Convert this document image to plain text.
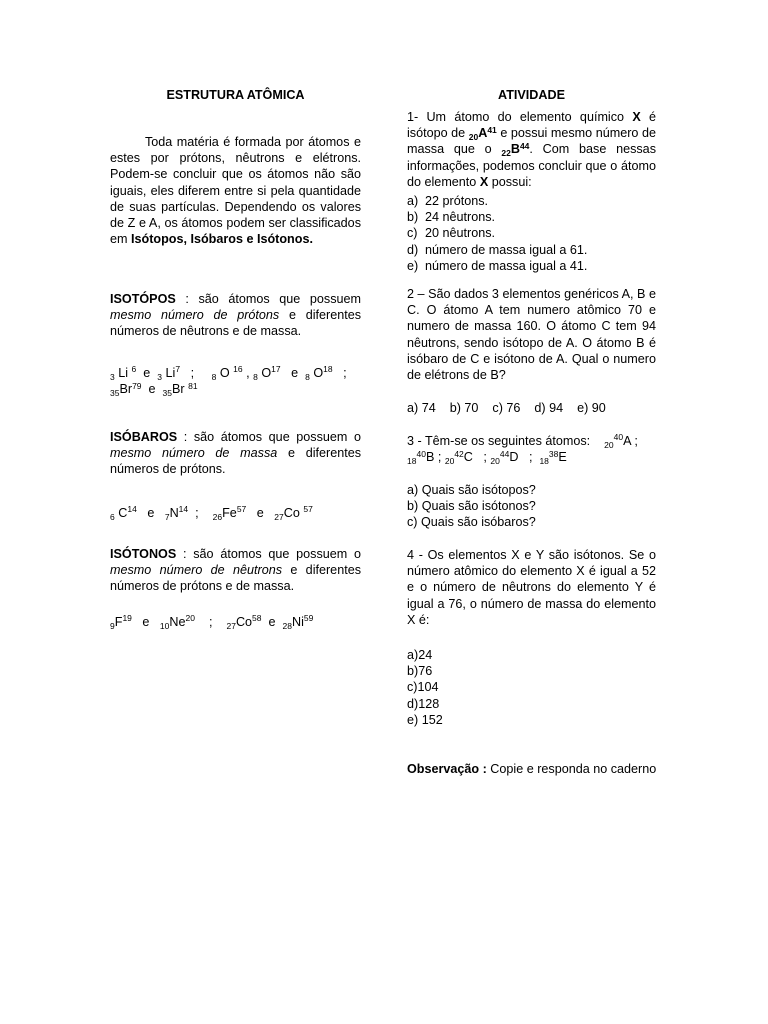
ESTRUTURA ATÔMICA
Toda matéria é formada por átomos e estes por prótons, nêutrons e elétrons. Podem-se concluir que os átomos não são iguais, eles diferem entre si pela quantidade de suas partículas. Dependendo os valores de Z e A, os átomos podem ser classificados em Isótopos, Isóbaros e Isótonos.
ISOTÓPOS : são átomos que possuem mesmo número de prótons e diferentes números de nêutrons e de massa.
$_3$ Li $^6$ e $_3$ Li$^7$ ; $_8$ O $^{16}$ , $_8$ $O^{17}$ e $_8$ $O^{18}$ ;
$_{35}Br^{79}$ e $_{35}$Br $^{81}$
ISÓBAROS : são átomos que possuem o mesmo número de massa e diferentes números de prótons.
$_6$ $C^{14}$ e $_7N^{14}$ ; $_{26}Fe^{57}$ e $_{27}$Co $^{57}$
ISÓTONOS : são átomos que possuem o mesmo número de nêutrons e diferentes números de prótons e de massa.
$_9F^{19}$ e $_{10}Ne^{20}$ ; $_{27}Co^{58}$ e $_{28}Ni^{59}$
ATIVIDADE
1- Um átomo do elemento químico X é isótopo de $_{20}A^{41}$ e possui mesmo número de massa que o $_{22}B^{44}$. Com base nessas informações, podemos concluir que o átomo do elemento X possui:
a) 22 prótons.
b) 24 nêutrons.
c) 20 nêutrons.
d) número de massa igual a 61.
e) número de massa igual a 41.
2 – São dados 3 elementos genéricos A, B e C. O átomo A tem numero atômico 70 e numero de massa 160. O átomo C tem 94 nêutrons, sendo isótopo de A. O átomo B é isóbaro de C e isótono de A. Qual o numero de elétrons de B?
a) 74    b) 70    c) 76    d) 94    e) 90
3 - Têm-se os seguintes átomos: $_{20}^{40}$A ;
$_{18}^{40}$B ; $_{20}^{42}$C ; $_{20}^{44}$D ; $_{18}^{38}$E
a) Quais são isótopos?
b) Quais são isótonos?
c) Quais são isóbaros?
4 - Os elementos X e Y são isótonos. Se o número atômico do elemento X é igual a 52 e o número de nêutrons do elemento Y é igual a 76, o número de massa do elemento X é:
a)24
b)76
c)104
d)128
e) 152
Observação : Copie e responda no caderno
